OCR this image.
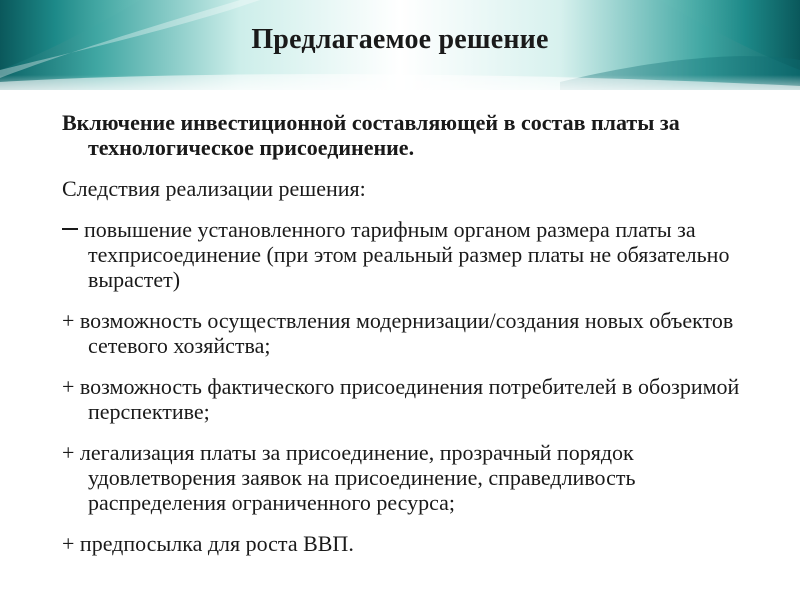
Предлагаемое решение

Включение инвестиционной составляющей в состав платы за технологическое присоединение.

Следствия реализации решения:

повышение установленного тарифным органом размера платы за техприсоединение (при этом реальный размер платы не обязательно вырастет)

+ возможность осуществления модернизации/создания новых объектов сетевого хозяйства;

+ возможность фактического присоединения потребителей в обозримой перспективе;

+ легализация платы за присоединение, прозрачный порядок удовлетворения заявок на присоединение, справедливость распределения ограниченного ресурса;

+ предпосылка для роста ВВП.
